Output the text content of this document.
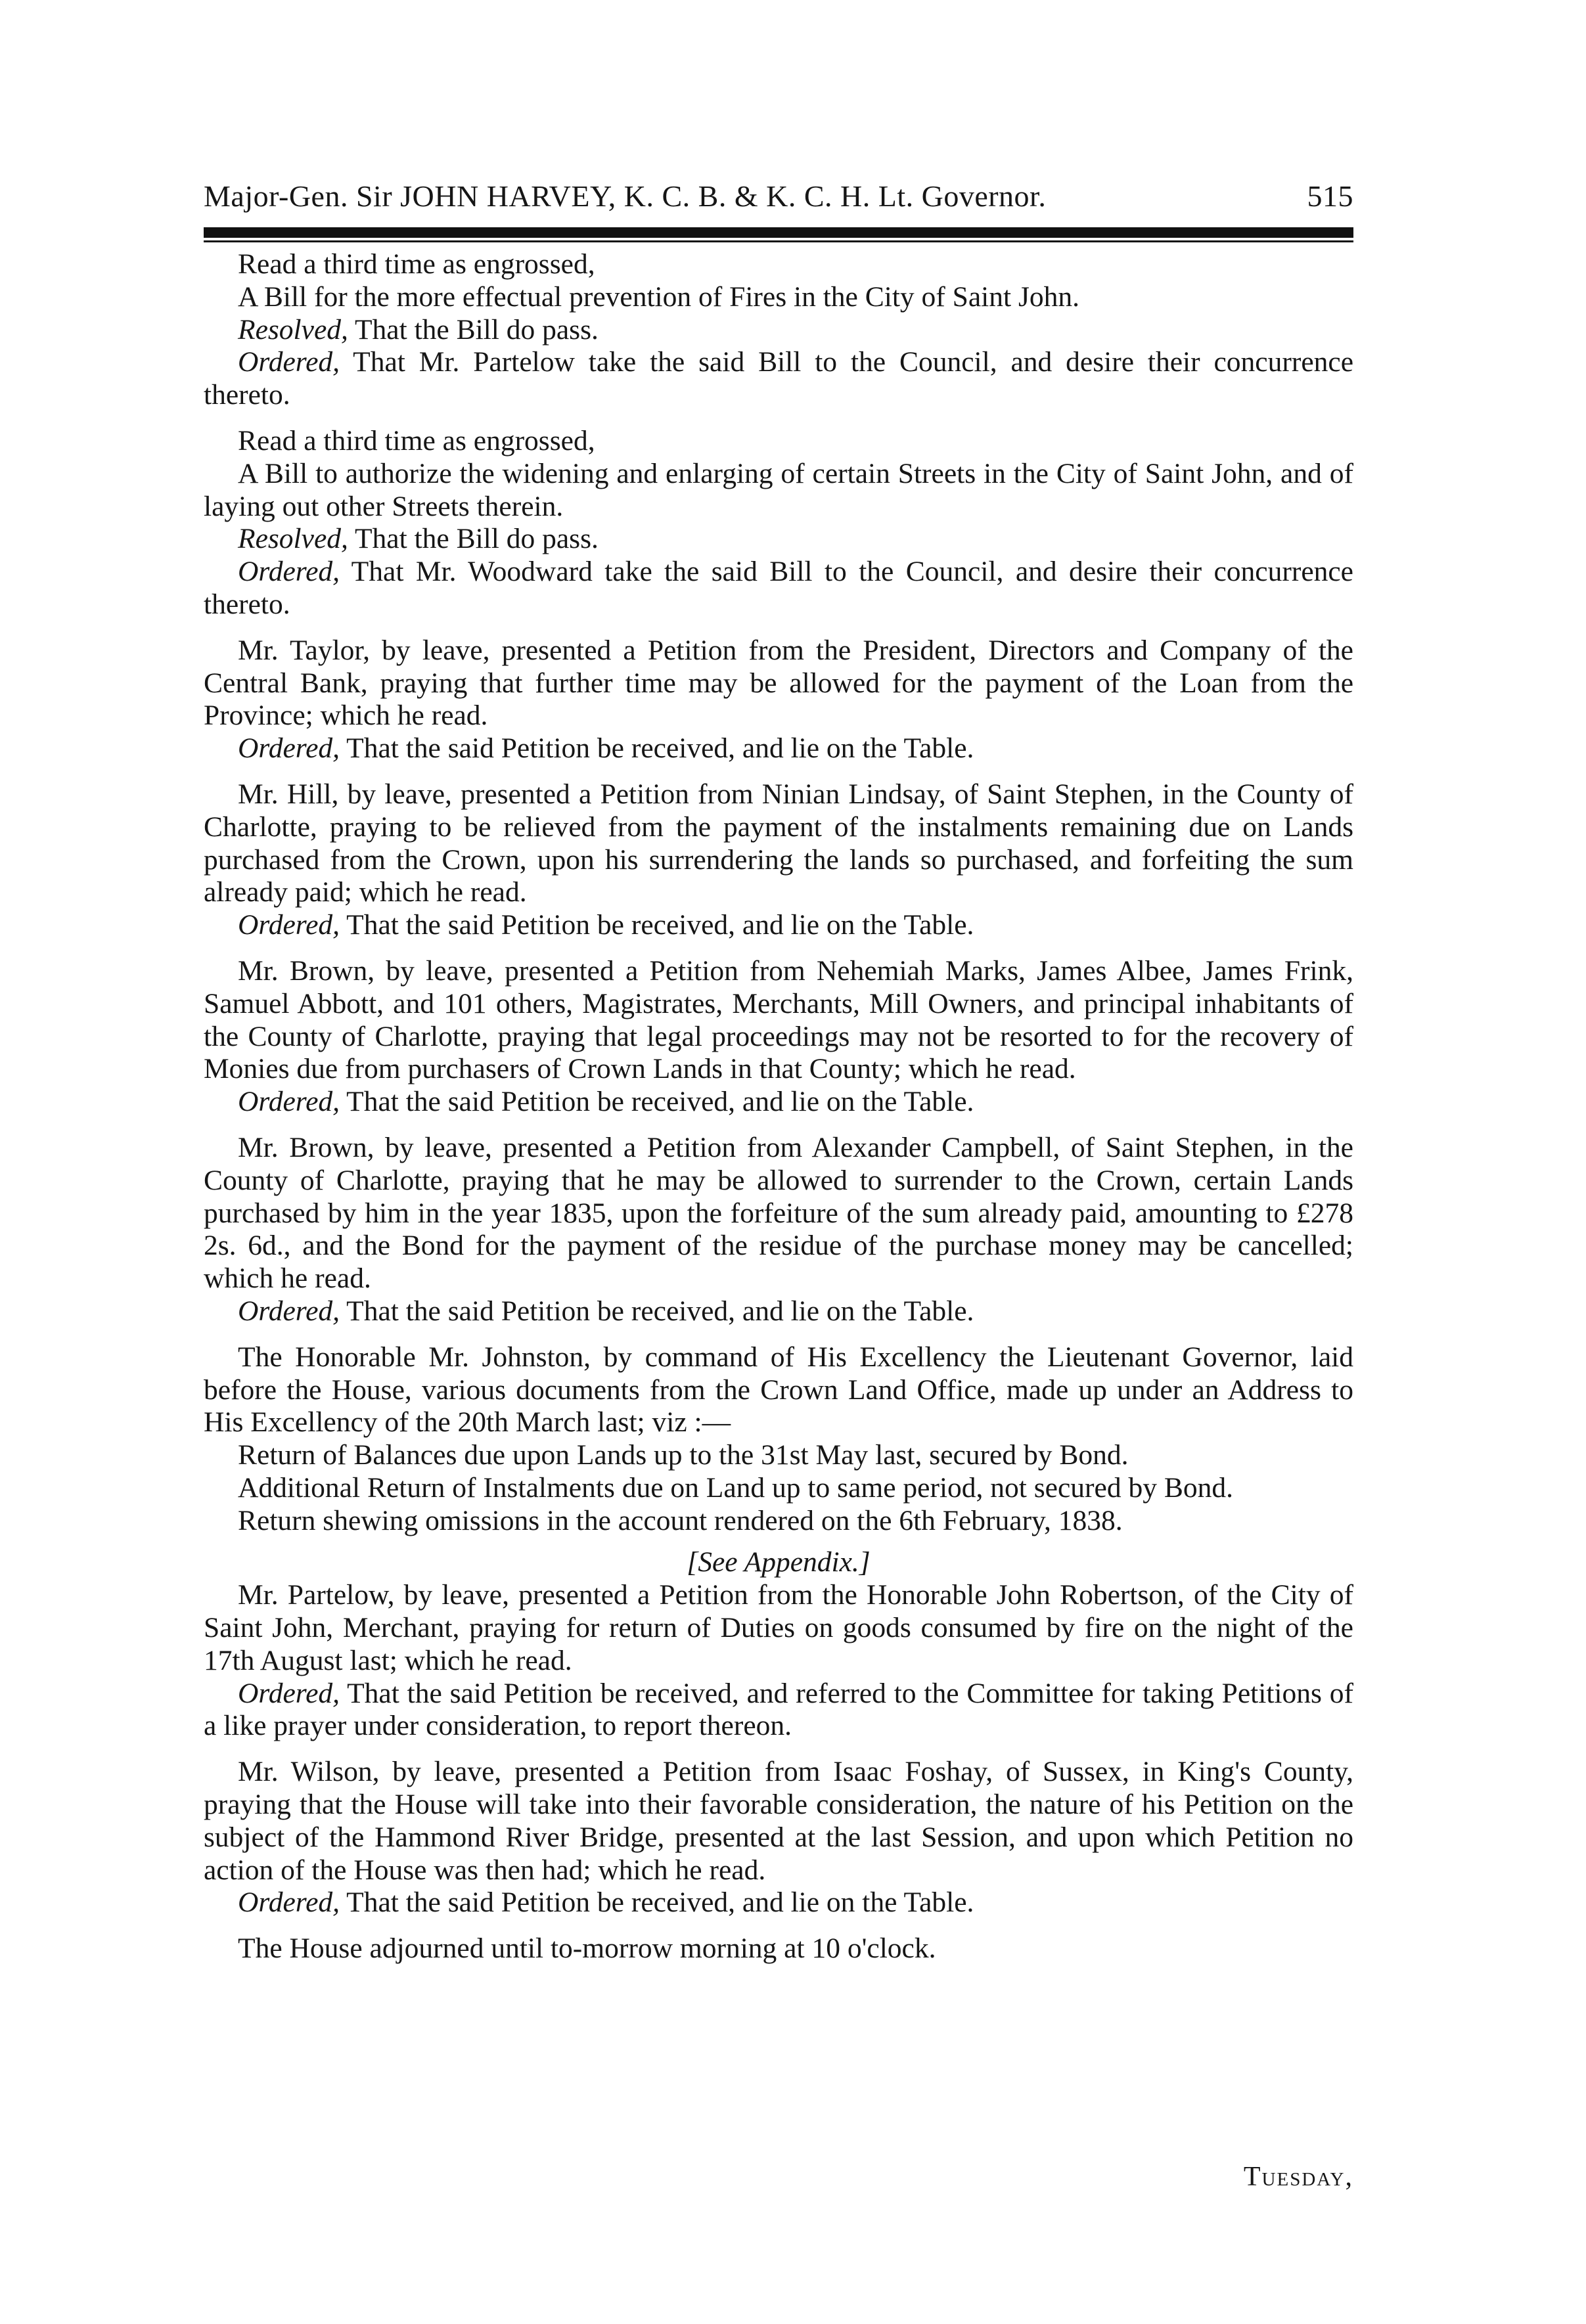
Major-Gen. Sir JOHN HARVEY, K. C. B. & K. C. H. Lt. Governor.	515

Read a third time as engrossed,

A Bill for the more effectual prevention of Fires in the City of Saint John.

Resolved, That the Bill do pass.

Ordered, That Mr. Partelow take the said Bill to the Council, and desire their concurrence thereto.

Read a third time as engrossed,

A Bill to authorize the widening and enlarging of certain Streets in the City of Saint John, and of laying out other Streets therein.

Resolved, That the Bill do pass.

Ordered, That Mr. Woodward take the said Bill to the Council, and desire their concurrence thereto.

Mr. Taylor, by leave, presented a Petition from the President, Directors and Company of the Central Bank, praying that further time may be allowed for the payment of the Loan from the Province; which he read.

Ordered, That the said Petition be received, and lie on the Table.

Mr. Hill, by leave, presented a Petition from Ninian Lindsay, of Saint Stephen, in the County of Charlotte, praying to be relieved from the payment of the instalments remaining due on Lands purchased from the Crown, upon his surrendering the lands so purchased, and forfeiting the sum already paid; which he read.

Ordered, That the said Petition be received, and lie on the Table.

Mr. Brown, by leave, presented a Petition from Nehemiah Marks, James Albee, James Frink, Samuel Abbott, and 101 others, Magistrates, Merchants, Mill Owners, and principal inhabitants of the County of Charlotte, praying that legal proceedings may not be resorted to for the recovery of Monies due from purchasers of Crown Lands in that County; which he read.

Ordered, That the said Petition be received, and lie on the Table.

Mr. Brown, by leave, presented a Petition from Alexander Campbell, of Saint Stephen, in the County of Charlotte, praying that he may be allowed to surrender to the Crown, certain Lands purchased by him in the year 1835, upon the forfeiture of the sum already paid, amounting to £278 2s. 6d., and the Bond for the payment of the residue of the purchase money may be cancelled; which he read.

Ordered, That the said Petition be received, and lie on the Table.

The Honorable Mr. Johnston, by command of His Excellency the Lieutenant Governor, laid before the House, various documents from the Crown Land Office, made up under an Address to His Excellency of the 20th March last; viz :—

Return of Balances due upon Lands up to the 31st May last, secured by Bond.

Additional Return of Instalments due on Land up to same period, not secured by Bond.

Return shewing omissions in the account rendered on the 6th February, 1838.

[See Appendix.]

Mr. Partelow, by leave, presented a Petition from the Honorable John Robertson, of the City of Saint John, Merchant, praying for return of Duties on goods consumed by fire on the night of the 17th August last; which he read.

Ordered, That the said Petition be received, and referred to the Committee for taking Petitions of a like prayer under consideration, to report thereon.

Mr. Wilson, by leave, presented a Petition from Isaac Foshay, of Sussex, in King's County, praying that the House will take into their favorable consideration, the nature of his Petition on the subject of the Hammond River Bridge, presented at the last Session, and upon which Petition no action of the House was then had; which he read.

Ordered, That the said Petition be received, and lie on the Table.

The House adjourned until to-morrow morning at 10 o'clock.

Tuesday,
